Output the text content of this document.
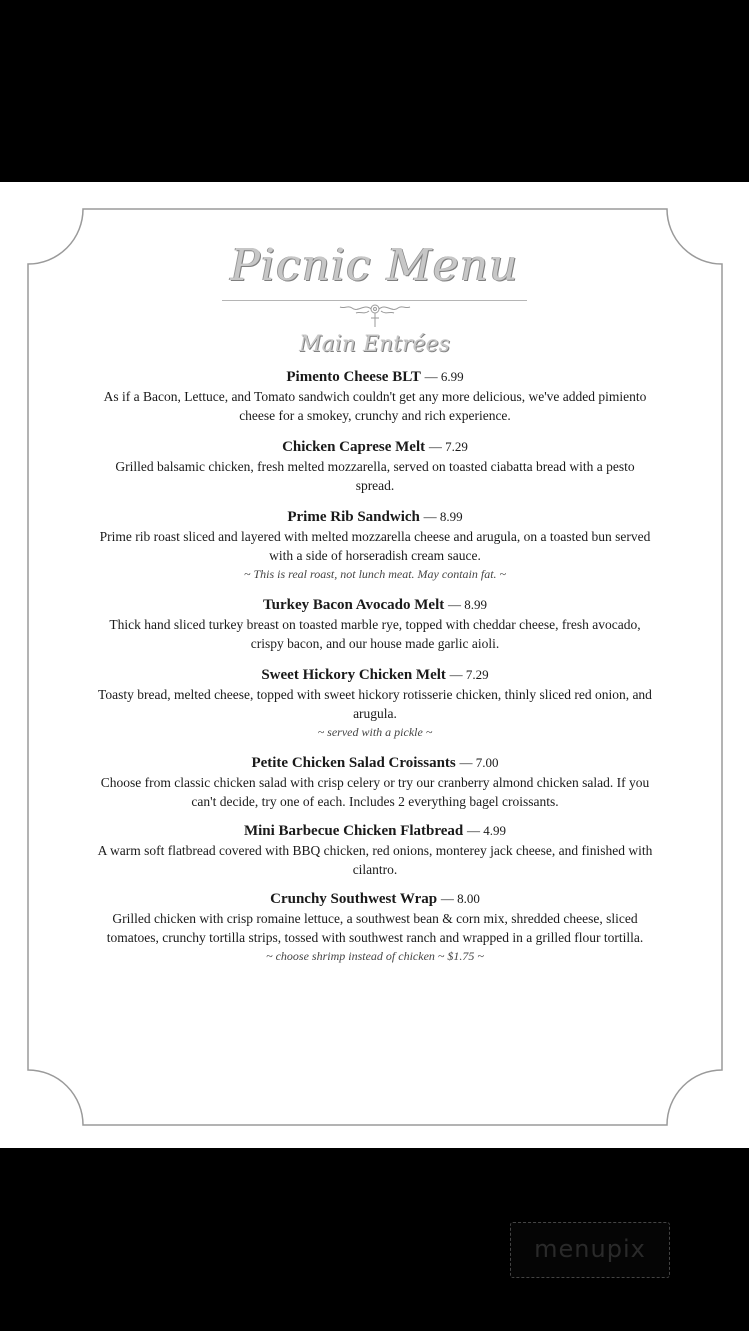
Picnic Menu
Main Entrées

Pimento Cheese BLT — 6.99

As if a Bacon, Lettuce, and Tomato sandwich couldn't get any more delicious, we've added pimiento cheese for a smokey, crunchy and rich experience.

Chicken Caprese Melt — 7.29

Grilled balsamic chicken, fresh melted mozzarella, served on toasted ciabatta bread with a pesto spread.

Prime Rib Sandwich — 8.99

Prime rib roast sliced and layered with melted mozzarella cheese and arugula, on a toasted bun served with a side of horseradish cream sauce.

~ This is real roast, not lunch meat. May contain fat. ~

Turkey Bacon Avocado Melt — 8.99

Thick hand sliced turkey breast on toasted marble rye, topped with cheddar cheese, fresh avocado, crispy bacon, and our house made garlic aioli.

Sweet Hickory Chicken Melt — 7.29

Toasty bread, melted cheese, topped with sweet hickory rotisserie chicken, thinly sliced red onion, and arugula.

~ served with a pickle ~

Petite Chicken Salad Croissants — 7.00

Choose from classic chicken salad with crisp celery or try our cranberry almond chicken salad. If you can't decide, try one of each. Includes 2 everything bagel croissants.

Mini Barbecue Chicken Flatbread — 4.99

A warm soft flatbread covered with BBQ chicken, red onions, monterey jack cheese, and finished with cilantro.

Crunchy Southwest Wrap — 8.00

Grilled chicken with crisp romaine lettuce, a southwest bean & corn mix, shredded cheese, sliced tomatoes, crunchy tortilla strips, tossed with southwest ranch and wrapped in a grilled flour tortilla.

~ choose shrimp instead of chicken ~ $1.75 ~

menupix
